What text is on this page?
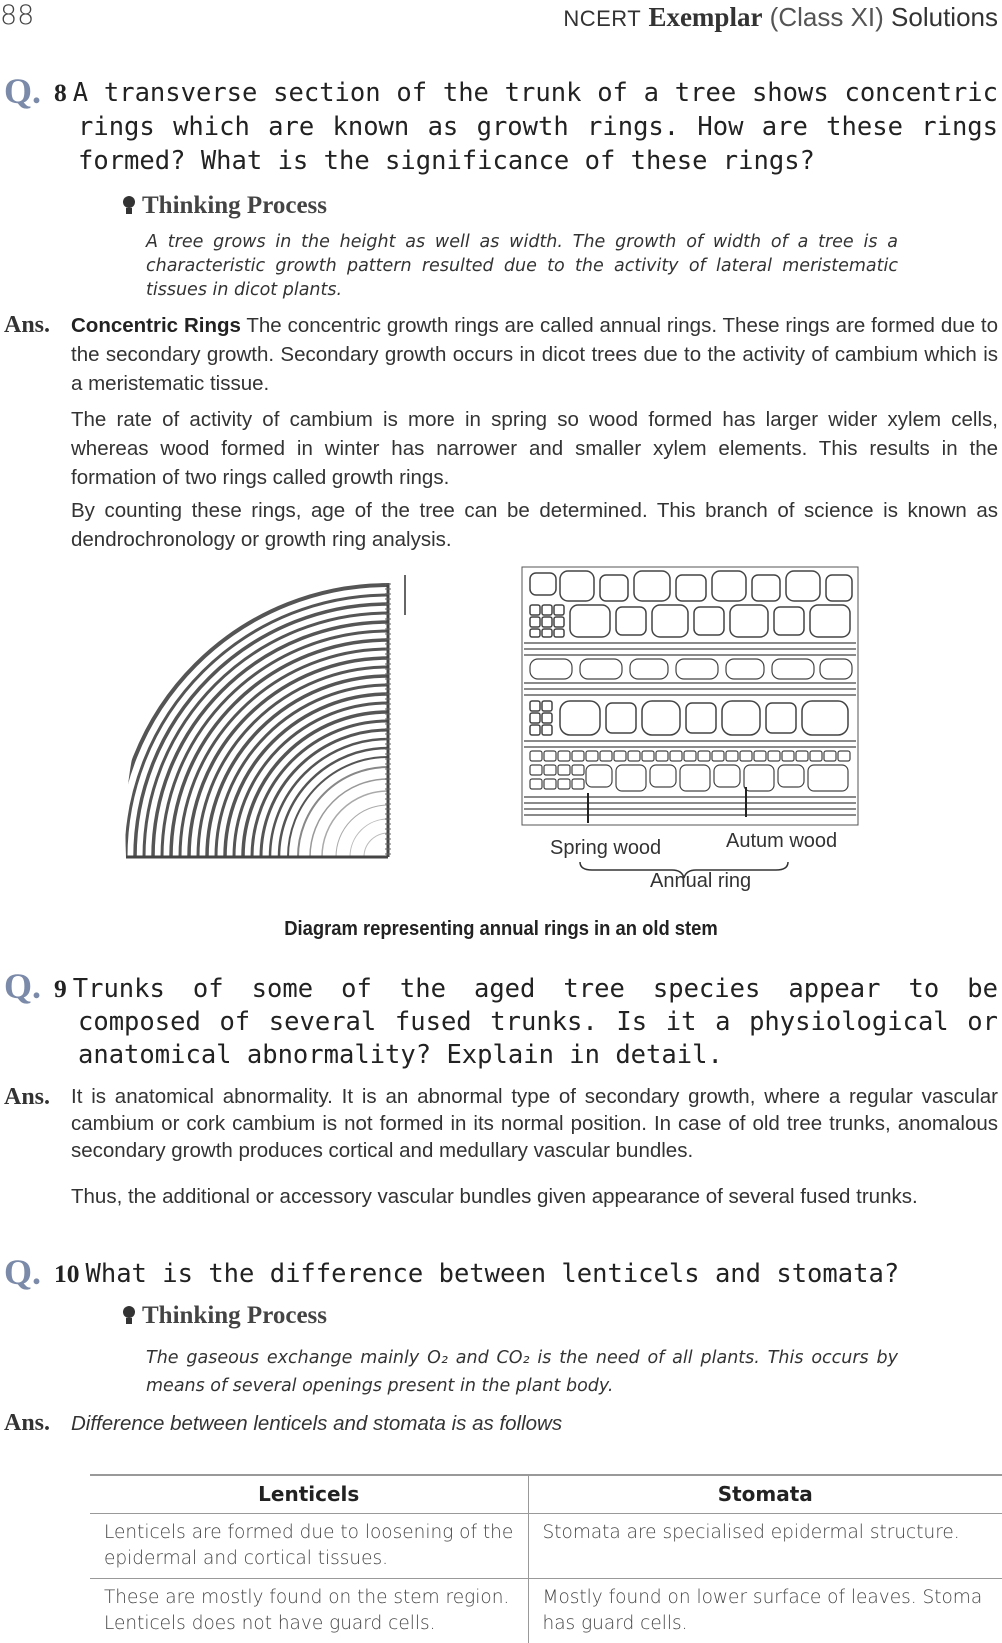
88	NCERT Exemplar (Class XI) Solutions
Q. 8 A transverse section of the trunk of a tree shows concentric rings which are known as growth rings. How are these rings formed? What is the significance of these rings?
Thinking Process
A tree grows in the height as well as width. The growth of width of a tree is a characteristic growth pattern resulted due to the activity of lateral meristematic tissues in dicot plants.
Ans. Concentric Rings The concentric growth rings are called annual rings. These rings are formed due to the secondary growth. Secondary growth occurs in dicot trees due to the activity of cambium which is a meristematic tissue.
The rate of activity of cambium is more in spring so wood formed has larger wider xylem cells, whereas wood formed in winter has narrower and smaller xylem elements. This results in the formation of two rings called growth rings.
By counting these rings, age of the tree can be determined. This branch of science is known as dendrochronology or growth ring analysis.
Spring wood	Autum wood
Annual ring
Diagram representing annual rings in an old stem
Q. 9 Trunks of some of the aged tree species appear to be composed of several fused trunks. Is it a physiological or anatomical abnormality? Explain in detail.
Ans. It is anatomical abnormality. It is an abnormal type of secondary growth, where a regular vascular cambium or cork cambium is not formed in its normal position. In case of old tree trunks, anomalous secondary growth produces cortical and medullary vascular bundles.
Thus, the additional or accessory vascular bundles given appearance of several fused trunks.
Q. 10 What is the difference between lenticels and stomata?
Thinking Process
The gaseous exchange mainly O₂ and CO₂ is the need of all plants. This occurs by means of several openings present in the plant body.
Ans. Difference between lenticels and stomata is as follows
Lenticels	Stomata
Lenticels are formed due to loosening of the epidermal and cortical tissues.	Stomata are specialised epidermal structure.
These are mostly found on the stem region. Lenticels does not have guard cells.	Mostly found on lower surface of leaves. Stoma has guard cells.
